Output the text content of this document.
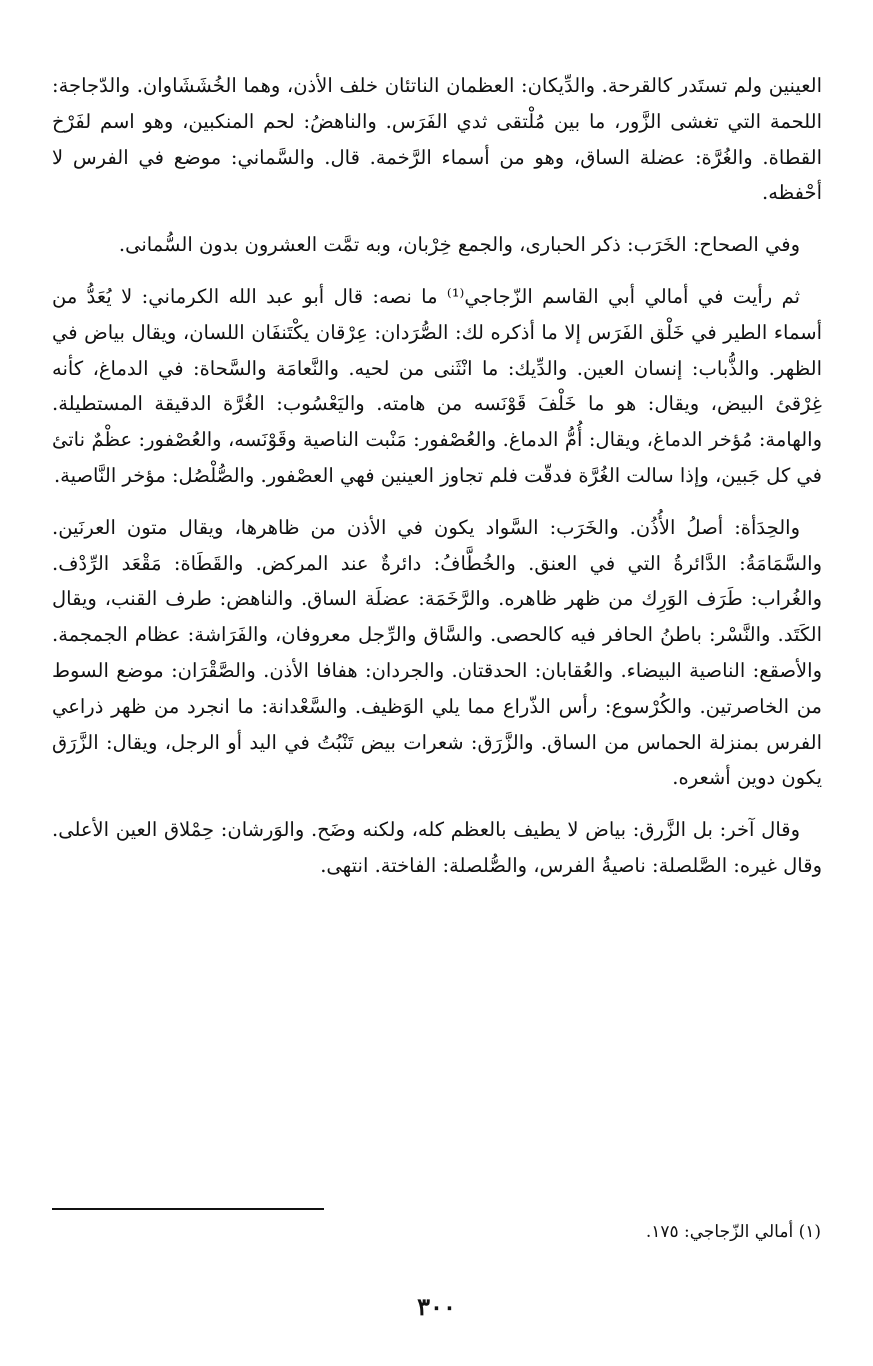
العينين ولم تستَدر كالقرحة. والدِّيكان: العظمان الناتئان خلف الأذن، وهما الخُشَشَاوان. والدّجاجة: اللحمة التي تغشى الزَّور، ما بين مُلْتقى ثدي الفَرَس. والناهضُ: لحم المنكبين، وهو اسم لفَرْخ القطاة. والغُرَّة: عضلة الساق، وهو من أسماء الرَّخمة. قال. والسَّماني: موضع في الفرس لا أحْفظه.

وفي الصحاح: الخَرَب: ذكر الحبارى، والجمع خِرْبان، وبه تمَّت العشرون بدون السُّمانى.

ثم رأيت في أمالي أبي القاسم الزّجاجي⁽¹⁾ ما نصه: قال أبو عبد الله الكرماني: لا يُعَدُّ من أسماء الطير في خَلْق الفَرَس إلا ما أذكره لك: الصُّرَدان: عِرْقان يكْتَنفَان اللسان، ويقال بياض في الظهر. والذُّباب: إنسان العين. والدِّيك: ما انْثَنى من لحيه. والنَّعامَة والسَّحاة: في الدماغ، كأنه غِرْقئ البيض، ويقال: هو ما خَلْفَ قَوْنَسه من هامته. واليَعْسُوب: الغُرَّة الدقيقة المستطيلة. والهامة: مُؤخر الدماغ، ويقال: أُمُّ الدماغ. والعُصْفور: مَنْبت الناصية وقَوْنَسه، والعُصْفور: عظْمٌ ناتئ في كل جَبين، وإذا سالت الغُرَّة فدقّت فلم تجاوز العينين فهي العصْفور. والصُّلْصُل: مؤخر النَّاصية.

والحِدَأة: أصلُ الأُذُن. والخَرَب: السَّواد يكون في الأذن من ظاهرها، ويقال متون العرنَين. والسَّمَامَةُ: الدَّائرةُ التي في العنق. والخُطَّافُ: دائرةٌ عند المركض. والقَطَاة: مَقْعَد الرِّدْف. والغُراب: طَرَف الوَرِك من ظهر ظاهره. والرَّخَمَة: عضلَة الساق. والناهض: طرف القنب، ويقال الكَتَد. والنَّسْر: باطنُ الحافر فيه كالحصى. والسَّاق والرِّجل معروفان، والفَرَاشة: عظام الجمجمة. والأصقع: الناصية البيضاء. والعُقابان: الحدقتان. والجردان: هفافا الأذن. والصَّقْرَان: موضع السوط من الخاصرتين. والكُرْسوع: رأس الذّراع مما يلي الوَظيف. والسَّعْدانة: ما انجرد من ظهر ذراعي الفرس بمنزلة الحماس من الساق. والزَّرَق: شعرات بيض تَنْبُتُ في اليد أو الرجل، ويقال: الزَّرَق يكون دوين أشعره.

وقال آخر: بل الزَّرق: بياض لا يطيف بالعظم كله، ولكنه وضَح. والوَرشان: حِمْلاق العين الأعلى. وقال غيره: الصَّلصلة: ناصيةُ الفرس، والصُّلصلة: الفاختة. انتهى.

(١) أمالي الزّجاجي: ١٧٥.
٣٠٠
